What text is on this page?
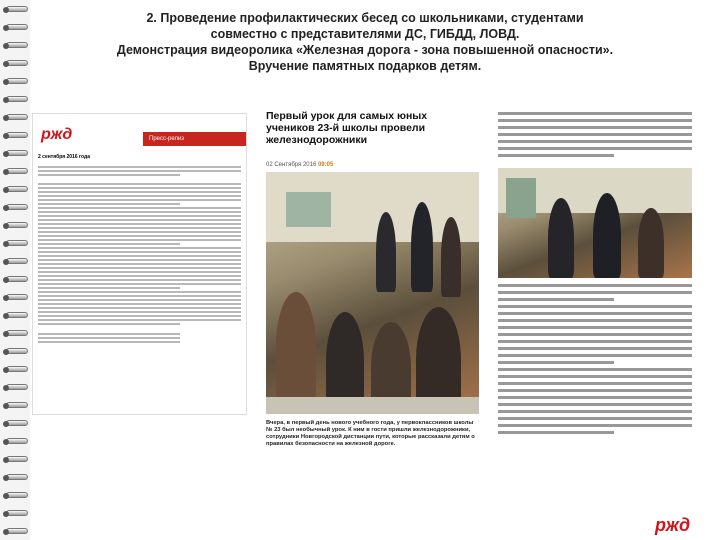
2. Проведение профилактических бесед со школьниками, студентами
совместно с представителями ДС, ГИБДД, ЛОВД.
Демонстрация видеоролика «Железная дорога - зона повышенной опасности».
Вручение памятных подарков детям.
ржд	Пресс-релиз
2 сентября 2016 года
Первый урок для самых юных учеников 23-й школы провели железнодорожники
02 Сентября 2016 09:05
Вчера, в первый день нового учебного года, у первоклассников школы № 23 был необычный урок. К ним в гости пришли железнодорожники, сотрудники Новгородской дистанции пути, которые рассказали детям о правилах безопасности на железной дороге.
ржд
